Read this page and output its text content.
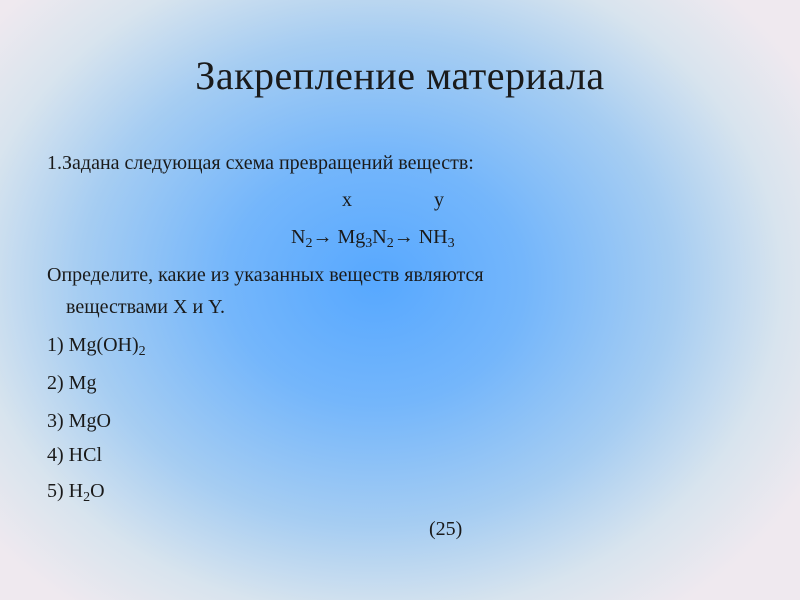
Закрепление материала
1.Задана следующая схема превращений веществ:
x	y
$N_2\to Mg_3N_2\to NH_3$
Определите, какие из указанных веществ являются
веществами X и Y.
1) $Mg(OH)_2$
2) Mg
3) MgO
4) HCl
5) $H_2O$
(25)
